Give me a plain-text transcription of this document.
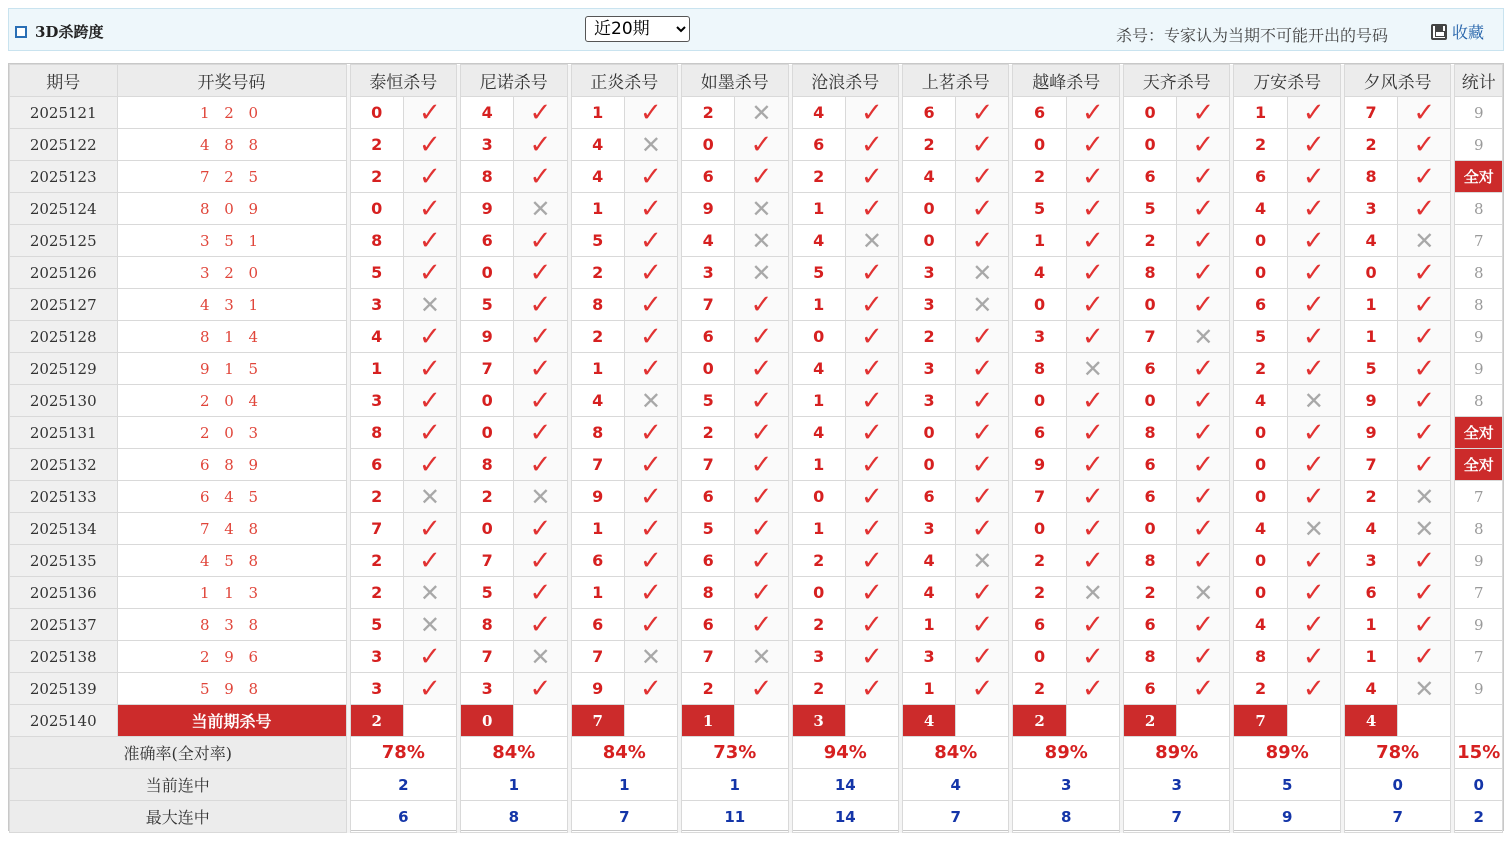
3D杀跨度
近20期	杀号：专家认为当期不可能开出的号码	收藏
期号	开奖号码		泰恒杀号			尼诺杀号			正炎杀号			如墨杀号			沧浪杀号			上茗杀号			越峰杀号			天齐杀号			万安杀号			夕风杀号			统计
2025121	1 2 0		0	✓		4	✓		1	✓		2	✕		4	✓		6	✓		6	✓		0	✓		1	✓		7	✓		9
2025122	4 8 8		2	✓		3	✓		4	✕		0	✓		6	✓		2	✓		0	✓		0	✓		2	✓		2	✓		9
2025123	7 2 5		2	✓		8	✓		4	✓		6	✓		2	✓		4	✓		2	✓		6	✓		6	✓		8	✓		全对
2025124	8 0 9		0	✓		9	✕		1	✓		9	✕		1	✓		0	✓		5	✓		5	✓		4	✓		3	✓		8
2025125	3 5 1		8	✓		6	✓		5	✓		4	✕		4	✕		0	✓		1	✓		2	✓		0	✓		4	✕		7
2025126	3 2 0		5	✓		0	✓		2	✓		3	✕		5	✓		3	✕		4	✓		8	✓		0	✓		0	✓		8
2025127	4 3 1		3	✕		5	✓		8	✓		7	✓		1	✓		3	✕		0	✓		0	✓		6	✓		1	✓		8
2025128	8 1 4		4	✓		9	✓		2	✓		6	✓		0	✓		2	✓		3	✓		7	✕		5	✓		1	✓		9
2025129	9 1 5		1	✓		7	✓		1	✓		0	✓		4	✓		3	✓		8	✕		6	✓		2	✓		5	✓		9
2025130	2 0 4		3	✓		0	✓		4	✕		5	✓		1	✓		3	✓		0	✓		0	✓		4	✕		9	✓		8
2025131	2 0 3		8	✓		0	✓		8	✓		2	✓		4	✓		0	✓		6	✓		8	✓		0	✓		9	✓		全对
2025132	6 8 9		6	✓		8	✓		7	✓		7	✓		1	✓		0	✓		9	✓		6	✓		0	✓		7	✓		全对
2025133	6 4 5		2	✕		2	✕		9	✓		6	✓		0	✓		6	✓		7	✓		6	✓		0	✓		2	✕		7
2025134	7 4 8		7	✓		0	✓		1	✓		5	✓		1	✓		3	✓		0	✓		0	✓		4	✕		4	✕		8
2025135	4 5 8		2	✓		7	✓		6	✓		6	✓		2	✓		4	✕		2	✓		8	✓		0	✓		3	✓		9
2025136	1 1 3		2	✕		5	✓		1	✓		8	✓		0	✓		4	✓		2	✕		2	✕		0	✓		6	✓		7
2025137	8 3 8		5	✕		8	✓		6	✓		6	✓		2	✓		1	✓		6	✓		6	✓		4	✓		1	✓		9
2025138	2 9 6		3	✓		7	✕		7	✕		7	✕		3	✓		3	✓		0	✓		8	✓		8	✓		1	✓		7
2025139	5 9 8		3	✓		3	✓		9	✓		2	✓		2	✓		1	✓		2	✓		6	✓		2	✓		4	✕		9
2025140	当前期杀号		2			0			7			1			3			4			2			2			7			4			
准确率(全对率)			78%			84%			84%			73%			94%			84%			89%			89%			89%			78%			15%
当前连中			2			1			1			1			14			4			3			3			5			0			0
最大连中			6			8			7			11			14			7			8			7			9			7			2
